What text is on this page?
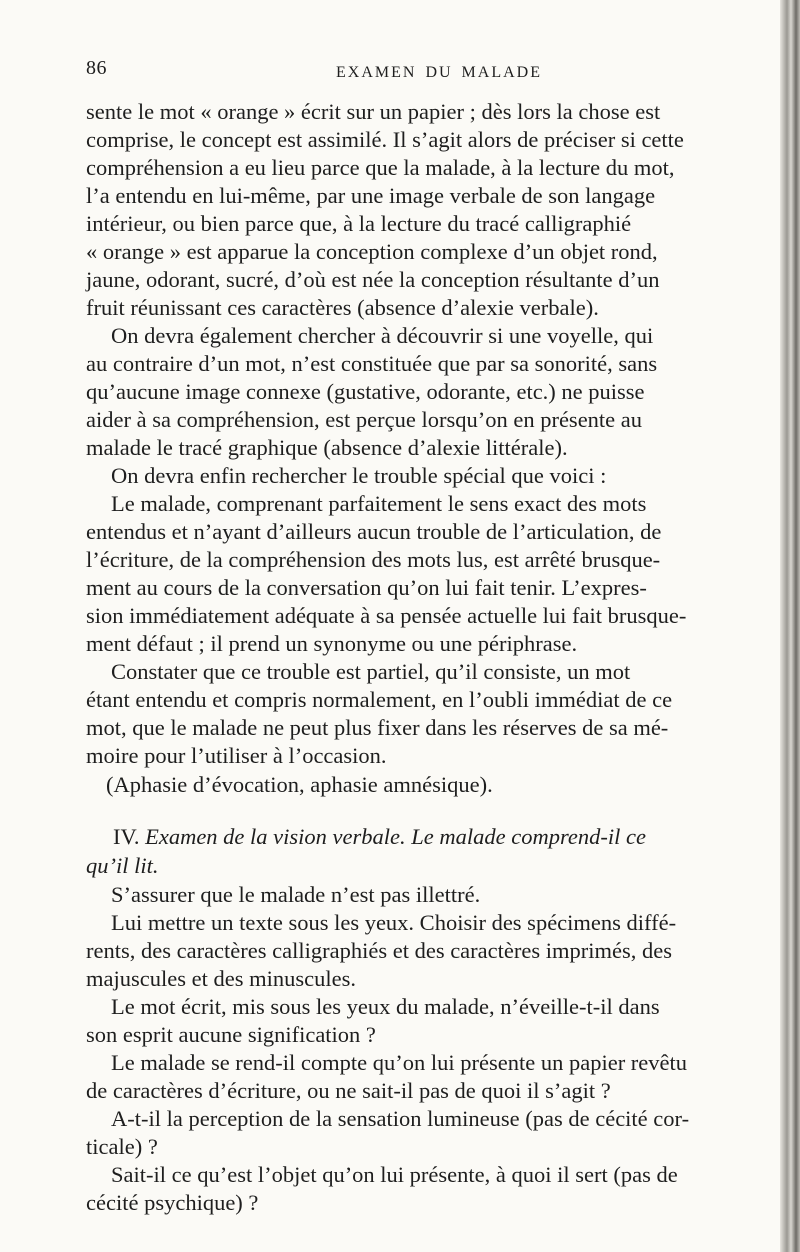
86	EXAMEN DU MALADE
sente le mot « orange » écrit sur un papier ; dès lors la chose est
comprise, le concept est assimilé. Il s’agit alors de préciser si cette
compréhension a eu lieu parce que la malade, à la lecture du mot,
l’a entendu en lui-même, par une image verbale de son langage
intérieur, ou bien parce que, à la lecture du tracé calligraphié
« orange » est apparue la conception complexe d’un objet rond,
jaune, odorant, sucré, d’où est née la conception résultante d’un
fruit réunissant ces caractères (absence d’alexie verbale).
On devra également chercher à découvrir si une voyelle, qui
au contraire d’un mot, n’est constituée que par sa sonorité, sans
qu’aucune image connexe (gustative, odorante, etc.) ne puisse
aider à sa compréhension, est perçue lorsqu’on en présente au
malade le tracé graphique (absence d’alexie littérale).
On devra enfin rechercher le trouble spécial que voici :
Le malade, comprenant parfaitement le sens exact des mots
entendus et n’ayant d’ailleurs aucun trouble de l’articulation, de
l’écriture, de la compréhension des mots lus, est arrêté brusque-
ment au cours de la conversation qu’on lui fait tenir. L’expres-
sion immédiatement adéquate à sa pensée actuelle lui fait brusque-
ment défaut ; il prend un synonyme ou une périphrase.
Constater que ce trouble est partiel, qu’il consiste, un mot
étant entendu et compris normalement, en l’oubli immédiat de ce
mot, que le malade ne peut plus fixer dans les réserves de sa mé-
moire pour l’utiliser à l’occasion.
(Aphasie d’évocation, aphasie amnésique).
IV. Examen de la vision verbale. Le malade comprend-il ce
qu’il lit.
S’assurer que le malade n’est pas illettré.
Lui mettre un texte sous les yeux. Choisir des spécimens diffé-
rents, des caractères calligraphiés et des caractères imprimés, des
majuscules et des minuscules.
Le mot écrit, mis sous les yeux du malade, n’éveille-t-il dans
son esprit aucune signification ?
Le malade se rend-il compte qu’on lui présente un papier revêtu
de caractères d’écriture, ou ne sait-il pas de quoi il s’agit ?
A-t-il la perception de la sensation lumineuse (pas de cécité cor-
ticale) ?
Sait-il ce qu’est l’objet qu’on lui présente, à quoi il sert (pas de
cécité psychique) ?
